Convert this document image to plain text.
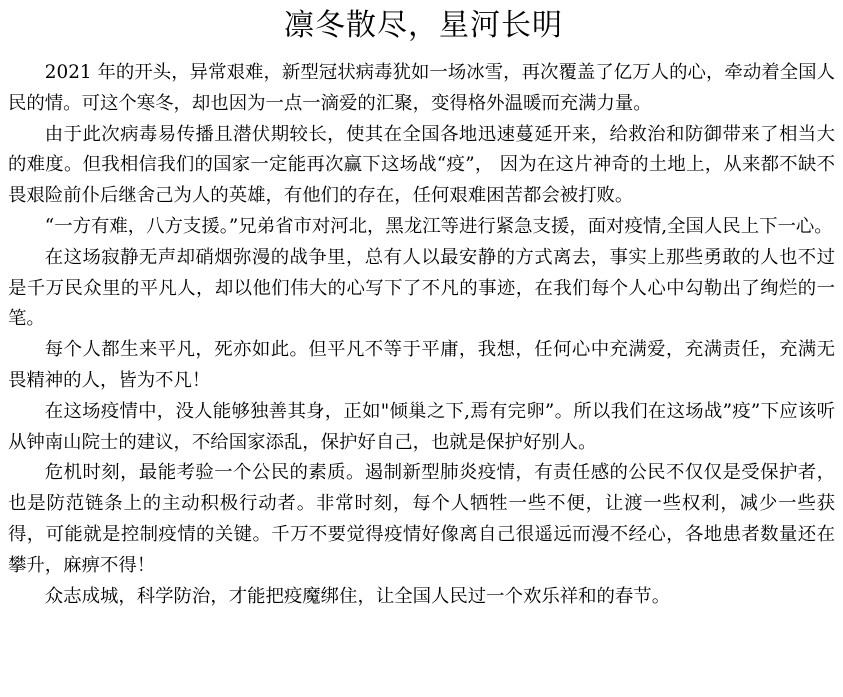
凛冬散尽，星河长明

2021 年的开头，异常艰难，新型冠状病毒犹如一场冰雪，再次覆盖了亿万人的心，牵动着全国人民的情。可这个寒冬，却也因为一点一滴爱的汇聚，变得格外温暖而充满力量。

由于此次病毒易传播且潜伏期较长，使其在全国各地迅速蔓延开来，给救治和防御带来了相当大的难度。但我相信我们的国家一定能再次赢下这场战“疫”， 因为在这片神奇的土地上，从来都不缺不畏艰险前仆后继舍己为人的英雄，有他们的存在，任何艰难困苦都会被打败。

“一方有难，八方支援。”兄弟省市对河北，黑龙江等进行紧急支援，面对疫情,全国人民上下一心。

在这场寂静无声却硝烟弥漫的战争里，总有人以最安静的方式离去，事实上那些勇敢的人也不过是千万民众里的平凡人，却以他们伟大的心写下了不凡的事迹，在我们每个人心中勾勒出了绚烂的一笔。

每个人都生来平凡，死亦如此。但平凡不等于平庸，我想，任何心中充满爱，充满责任，充满无畏精神的人，皆为不凡！

在这场疫情中，没人能够独善其身，正如"倾巢之下,焉有完卵”。所以我们在这场战”疫”下应该听从钟南山院士的建议，不给国家添乱，保护好自己，也就是保护好别人。

危机时刻，最能考验一个公民的素质。遏制新型肺炎疫情，有责任感的公民不仅仅是受保护者，也是防范链条上的主动积极行动者。非常时刻，每个人牺牲一些不便，让渡一些权利，减少一些获得，可能就是控制疫情的关键。千万不要觉得疫情好像离自己很遥远而漫不经心，各地患者数量还在攀升，麻痹不得！

众志成城，科学防治，才能把疫魔绑住，让全国人民过一个欢乐祥和的春节。
